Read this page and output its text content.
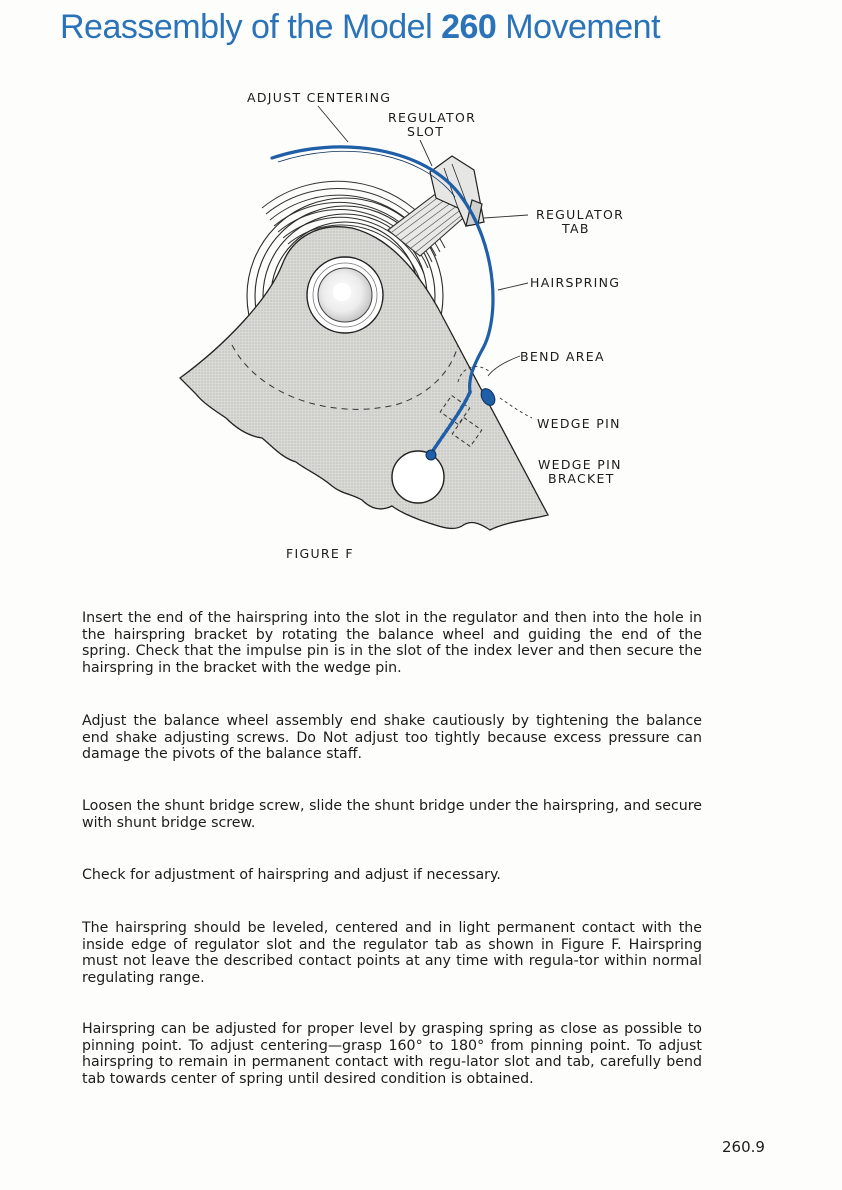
Reassembly of the Model 260 Movement
ADJUST CENTERING
REGULATOR
SLOT
REGULATOR
TAB
HAIRSPRING
BEND AREA
WEDGE PIN
WEDGE PIN
BRACKET
FIGURE F

Insert the end of the hairspring into the slot in the regulator and then into the hole in the hairspring bracket by rotating the balance wheel and guiding the end of the spring. Check that the impulse pin is in the slot of the index lever and then secure the hairspring in the bracket with the wedge pin.

Adjust the balance wheel assembly end shake cautiously by tightening the balance end shake adjusting screws. Do Not adjust too tightly because excess pressure can damage the pivots of the balance staff.

Loosen the shunt bridge screw, slide the shunt bridge under the hairspring, and secure with shunt bridge screw.

Check for adjustment of hairspring and adjust if necessary.

The hairspring should be leveled, centered and in light permanent contact with the inside edge of regulator slot and the regulator tab as shown in Figure F. Hairspring must not leave the described contact points at any time with regula-tor within normal regulating range.

Hairspring can be adjusted for proper level by grasping spring as close as possible to pinning point. To adjust centering—grasp 160° to 180° from pinning point. To adjust hairspring to remain in permanent contact with regu-lator slot and tab, carefully bend tab towards center of spring until desired condition is obtained.

260.9
